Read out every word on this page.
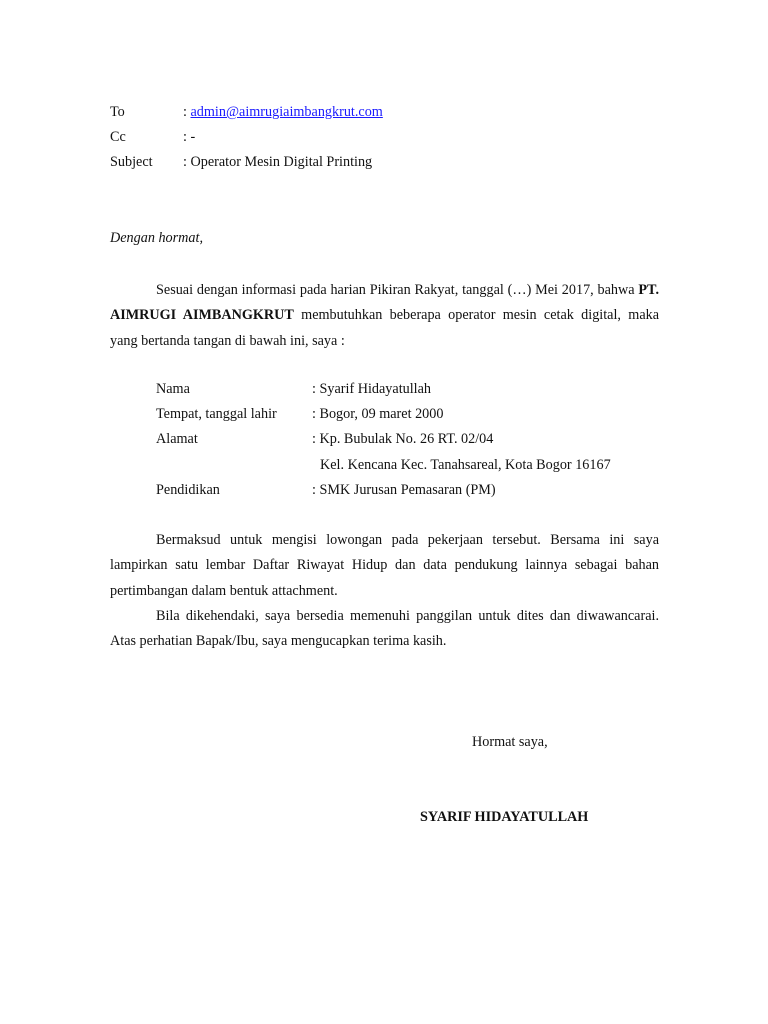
To	: admin@aimrugiaimbangkrut.com
Cc	: -
Subject : Operator Mesin Digital Printing
Dengan hormat,

Sesuai dengan informasi pada harian Pikiran Rakyat, tanggal (…) Mei 2017, bahwa PT. AIMRUGI AIMBANGKRUT membutuhkan beberapa operator mesin cetak digital, maka yang bertanda tangan di bawah ini, saya :

Nama	: Syarif Hidayatullah
Tempat, tanggal lahir : Bogor, 09 maret 2000
Alamat	: Kp. Bubulak No. 26 RT. 02/04
Kel. Kencana Kec. Tanahsareal, Kota Bogor 16167
Pendidikan	: SMK Jurusan Pemasaran (PM)

Bermaksud untuk mengisi lowongan pada pekerjaan tersebut. Bersama ini saya lampirkan satu lembar Daftar Riwayat Hidup dan data pendukung lainnya sebagai bahan pertimbangan dalam bentuk attachment.

Bila dikehendaki, saya bersedia memenuhi panggilan untuk dites dan diwawancarai. Atas perhatian Bapak/Ibu, saya mengucapkan terima kasih.

Hormat saya,
SYARIF HIDAYATULLAH
